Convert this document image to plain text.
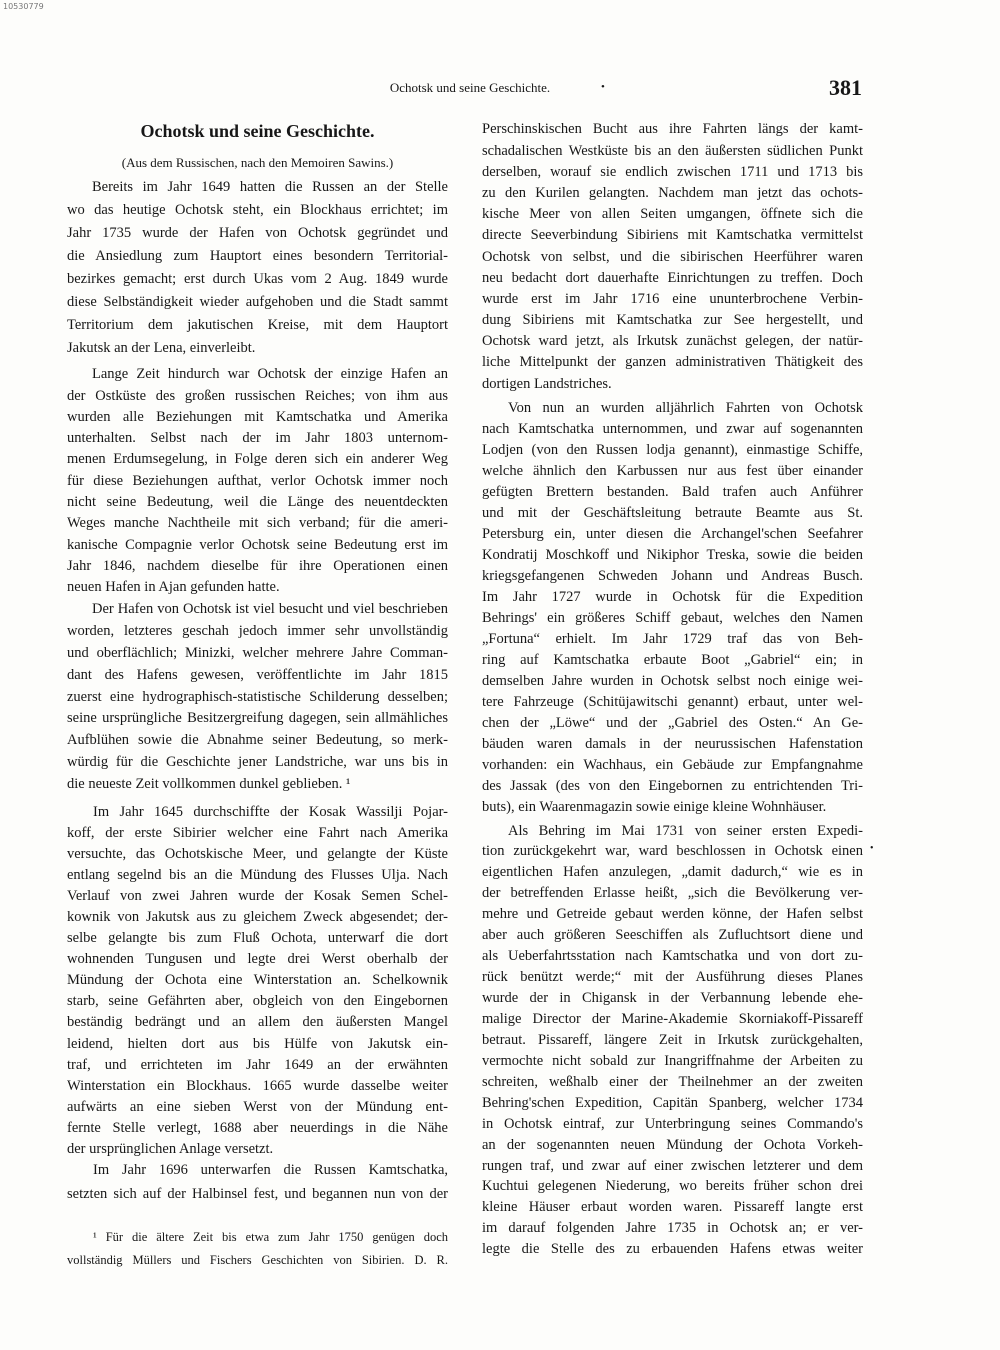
10530779
Ochotsk und seine Geschichte.	•	381
Ochotsk und seine Geschichte.
(Aus dem Russischen, nach den Memoiren Sawins.)
Bereits im Jahr 1649 hatten die Russen an der Stelle
wo das heutige Ochotsk steht, ein Blockhaus errichtet; im
Jahr 1735 wurde der Hafen von Ochotsk gegründet und
die Ansiedlung zum Hauptort eines besondern Territorial-
bezirkes gemacht; erst durch Ukas vom 2 Aug. 1849 wurde
diese Selbständigkeit wieder aufgehoben und die Stadt sammt
Territorium dem jakutischen Kreise, mit dem Hauptort
Jakutsk an der Lena, einverleibt.
Lange Zeit hindurch war Ochotsk der einzige Hafen an
der Ostküste des großen russischen Reiches; von ihm aus
wurden alle Beziehungen mit Kamtschatka und Amerika
unterhalten. Selbst nach der im Jahr 1803 unternom-
menen Erdumsegelung, in Folge deren sich ein anderer Weg
für diese Beziehungen aufthat, verlor Ochotsk immer noch
nicht seine Bedeutung, weil die Länge des neuentdeckten
Weges manche Nachtheile mit sich verband; für die ameri-
kanische Compagnie verlor Ochotsk seine Bedeutung erst im
Jahr 1846, nachdem dieselbe für ihre Operationen einen
neuen Hafen in Ajan gefunden hatte.
Der Hafen von Ochotsk ist viel besucht und viel beschrieben
worden, letzteres geschah jedoch immer sehr unvollständig
und oberflächlich; Minizki, welcher mehrere Jahre Comman-
dant des Hafens gewesen, veröffentlichte im Jahr 1815
zuerst eine hydrographisch-statistische Schilderung desselben;
seine ursprüngliche Besitzergreifung dagegen, sein allmähliches
Aufblühen sowie die Abnahme seiner Bedeutung, so merk-
würdig für die Geschichte jener Landstriche, war uns bis in
die neueste Zeit vollkommen dunkel geblieben. ¹
Im Jahr 1645 durchschiffte der Kosak Wassilji Pojar-
koff, der erste Sibirier welcher eine Fahrt nach Amerika
versuchte, das Ochotskische Meer, und gelangte der Küste
entlang segelnd bis an die Mündung des Flusses Ulja. Nach
Verlauf von zwei Jahren wurde der Kosak Semen Schel-
kownik von Jakutsk aus zu gleichem Zweck abgesendet; der-
selbe gelangte bis zum Fluß Ochota, unterwarf die dort
wohnenden Tungusen und legte drei Werst oberhalb der
Mündung der Ochota eine Winterstation an. Schelkownik
starb, seine Gefährten aber, obgleich von den Eingebornen
beständig bedrängt und an allem den äußersten Mangel
leidend, hielten dort aus bis Hülfe von Jakutsk ein-
traf, und errichteten im Jahr 1649 an der erwähnten
Winterstation ein Blockhaus. 1665 wurde dasselbe weiter
aufwärts an eine sieben Werst von der Mündung ent-
fernte Stelle verlegt, 1688 aber neuerdings in die Nähe
der ursprünglichen Anlage versetzt.
Im Jahr 1696 unterwarfen die Russen Kamtschatka,
setzten sich auf der Halbinsel fest, und begannen nun von der
Perschinskischen Bucht aus ihre Fahrten längs der kamt-
schadalischen Westküste bis an den äußersten südlichen Punkt
derselben, worauf sie endlich zwischen 1711 und 1713 bis
zu den Kurilen gelangten. Nachdem man jetzt das ochots-
kische Meer von allen Seiten umgangen, öffnete sich die
directe Seeverbindung Sibiriens mit Kamtschatka vermittelst
Ochotsk von selbst, und die sibirischen Heerführer waren
neu bedacht dort dauerhafte Einrichtungen zu treffen. Doch
wurde erst im Jahr 1716 eine ununterbrochene Verbin-
dung Sibiriens mit Kamtschatka zur See hergestellt, und
Ochotsk ward jetzt, als Irkutsk zunächst gelegen, der natür-
liche Mittelpunkt der ganzen administrativen Thätigkeit des
dortigen Landstriches.
Von nun an wurden alljährlich Fahrten von Ochotsk
nach Kamtschatka unternommen, und zwar auf sogenannten
Lodjen (von den Russen lodja genannt), einmastige Schiffe,
welche ähnlich den Karbussen nur aus fest über einander
gefügten Brettern bestanden. Bald trafen auch Anführer
und mit der Geschäftsleitung betraute Beamte aus St.
Petersburg ein, unter diesen die Archangel'schen Seefahrer
Kondratij Moschkoff und Nikiphor Treska, sowie die beiden
kriegsgefangenen Schweden Johann und Andreas Busch.
Im Jahr 1727 wurde in Ochotsk für die Expedition
Behrings' ein größeres Schiff gebaut, welches den Namen
„Fortuna“ erhielt. Im Jahr 1729 traf das von Beh-
ring auf Kamtschatka erbaute Boot „Gabriel“ ein; in
demselben Jahre wurden in Ochotsk selbst noch einige wei-
tere Fahrzeuge (Schitüjawitschi genannt) erbaut, unter wel-
chen der „Löwe“ und der „Gabriel des Osten.“ An Ge-
bäuden waren damals in der neurussischen Hafenstation
vorhanden: ein Wachhaus, ein Gebäude zur Empfangnahme
des Jassak (des von den Eingebornen zu entrichtenden Tri-
buts), ein Waarenmagazin sowie einige kleine Wohnhäuser.
Als Behring im Mai 1731 von seiner ersten Expedi-
tion zurückgekehrt war, ward beschlossen in Ochotsk einen
eigentlichen Hafen anzulegen, „damit dadurch,“ wie es in
der betreffenden Erlasse heißt, „sich die Bevölkerung ver-
mehre und Getreide gebaut werden könne, der Hafen selbst
aber auch größeren Seeschiffen als Zufluchtsort diene und
als Ueberfahrtsstation nach Kamtschatka und von dort zu-
rück benützt werde;“ mit der Ausführung dieses Planes
wurde der in Chigansk in der Verbannung lebende ehe-
malige Director der Marine-Akademie Skorniakoff-Pissareff
betraut. Pissareff, längere Zeit in Irkutsk zurückgehalten,
vermochte nicht sobald zur Inangriffnahme der Arbeiten zu
schreiten, weßhalb einer der Theilnehmer an der zweiten
Behring'schen Expedition, Capitän Spanberg, welcher 1734
in Ochotsk eintraf, zur Unterbringung seines Commando's
an der sogenannten neuen Mündung der Ochota Vorkeh-
rungen traf, und zwar auf einer zwischen letzterer und dem
Kuchtui gelegenen Niederung, wo bereits früher schon drei
kleine Häuser erbaut worden waren. Pissareff langte erst
im darauf folgenden Jahre 1735 in Ochotsk an; er ver-
legte die Stelle des zu erbauenden Hafens etwas weiter
¹ Für die ältere Zeit bis etwa zum Jahr 1750 genügen doch
vollständig Müllers und Fischers Geschichten von Sibirien. D. R.
•
